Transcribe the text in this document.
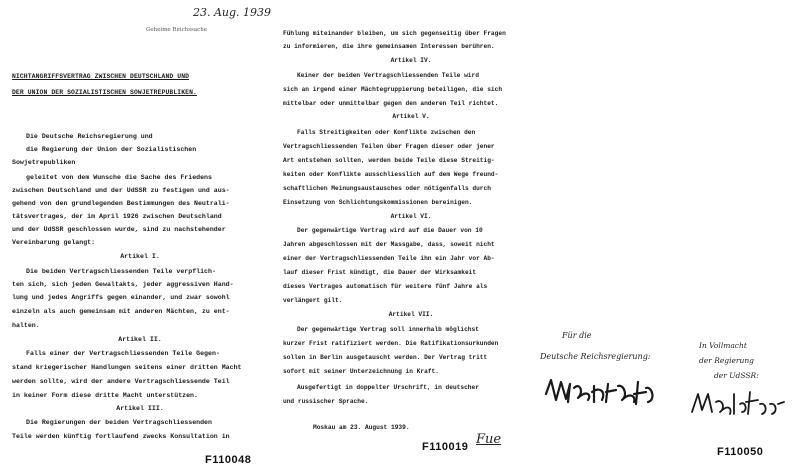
23. Aug. 1939
Geheime Reichssache
NICHTANGRIFFSVERTRAG ZWISCHEN DEUTSCHLAND UND
DER UNION DER SOZIALISTISCHEN SOWJETREPUBLIKEN.
Die Deutsche Reichsregierung und
die Regierung der Union der Sozialistischen
Sowjetrepubliken
geleitet von dem Wunsche die Sache des Friedens
zwischen Deutschland und der UdSSR zu festigen und aus-
gehend von den grundlegenden Bestimmungen des Neutrali-
tätsvertrages, der im April 1926 zwischen Deutschland
und der UdSSR geschlossen wurde, sind zu nachstehender
Vereinbarung gelangt:
Artikel I.
Die beiden Vertragschliessenden Teile verpflich-
ten sich, sich jeden Gewaltakts, jeder aggressiven Hand-
lung und jedes Angriffs gegen einander, und zwar sowohl
einzeln als auch gemeinsam mit anderen Mächten, zu ent-
halten.
Artikel II.
Falls einer der Vertragschliessenden Teile Gegen-
stand kriegerischer Handlungen seitens einer dritten Macht
werden sollte, wird der andere Vertragschliessende Teil
in keiner Form diese dritte Macht unterstützen.
Artikel III.
Die Regierungen der beiden Vertragschliessenden
Teile werden künftig fortlaufend zwecks Konsultation in
F110048
Fühlung miteinander bleiben, um sich gegenseitig über Fragen
zu informieren, die ihre gemeinsamen Interessen berühren.
Artikel IV.
Keiner der beiden Vertragschliessenden Teile wird
sich an irgend einer Mächtegruppierung beteiligen, die sich
mittelbar oder unmittelbar gegen den anderen Teil richtet.
Artikel V.
Falls Streitigkeiten oder Konflikte zwischen den
Vertragschliessenden Teilen über Fragen dieser oder jener
Art entstehen sollten, werden beide Teile diese Streitig-
keiten oder Konflikte ausschliesslich auf dem Wege freund-
schaftlichen Meinungsaustausches oder nötigenfalls durch
Einsetzung von Schlichtungskommissionen bereinigen.
Artikel VI.
Der gegenwärtige Vertrag wird auf die Dauer von 10
Jahren abgeschlossen mit der Massgabe, dass, soweit nicht
einer der Vertragschliessenden Teile ihn ein Jahr vor Ab-
lauf dieser Frist kündigt, die Dauer der Wirksamkeit
dieses Vertrages automatisch für weitere fünf Jahre als
verlängert gilt.
Artikel VII.
Der gegenwärtige Vertrag soll innerhalb möglichst
kurzer Frist ratifiziert werden. Die Ratifikationsurkunden
sollen in Berlin ausgetauscht werden. Der Vertrag tritt
sofort mit seiner Unterzeichnung in Kraft.
Ausgefertigt in doppelter Urschrift, in deutscher
und russischer Sprache.
Moskau am 23. August 1939.
F110019 Fue
Für die
Deutsche Reichsregierung:
In Vollmacht
der Regierung
der UdSSR:
F110050
